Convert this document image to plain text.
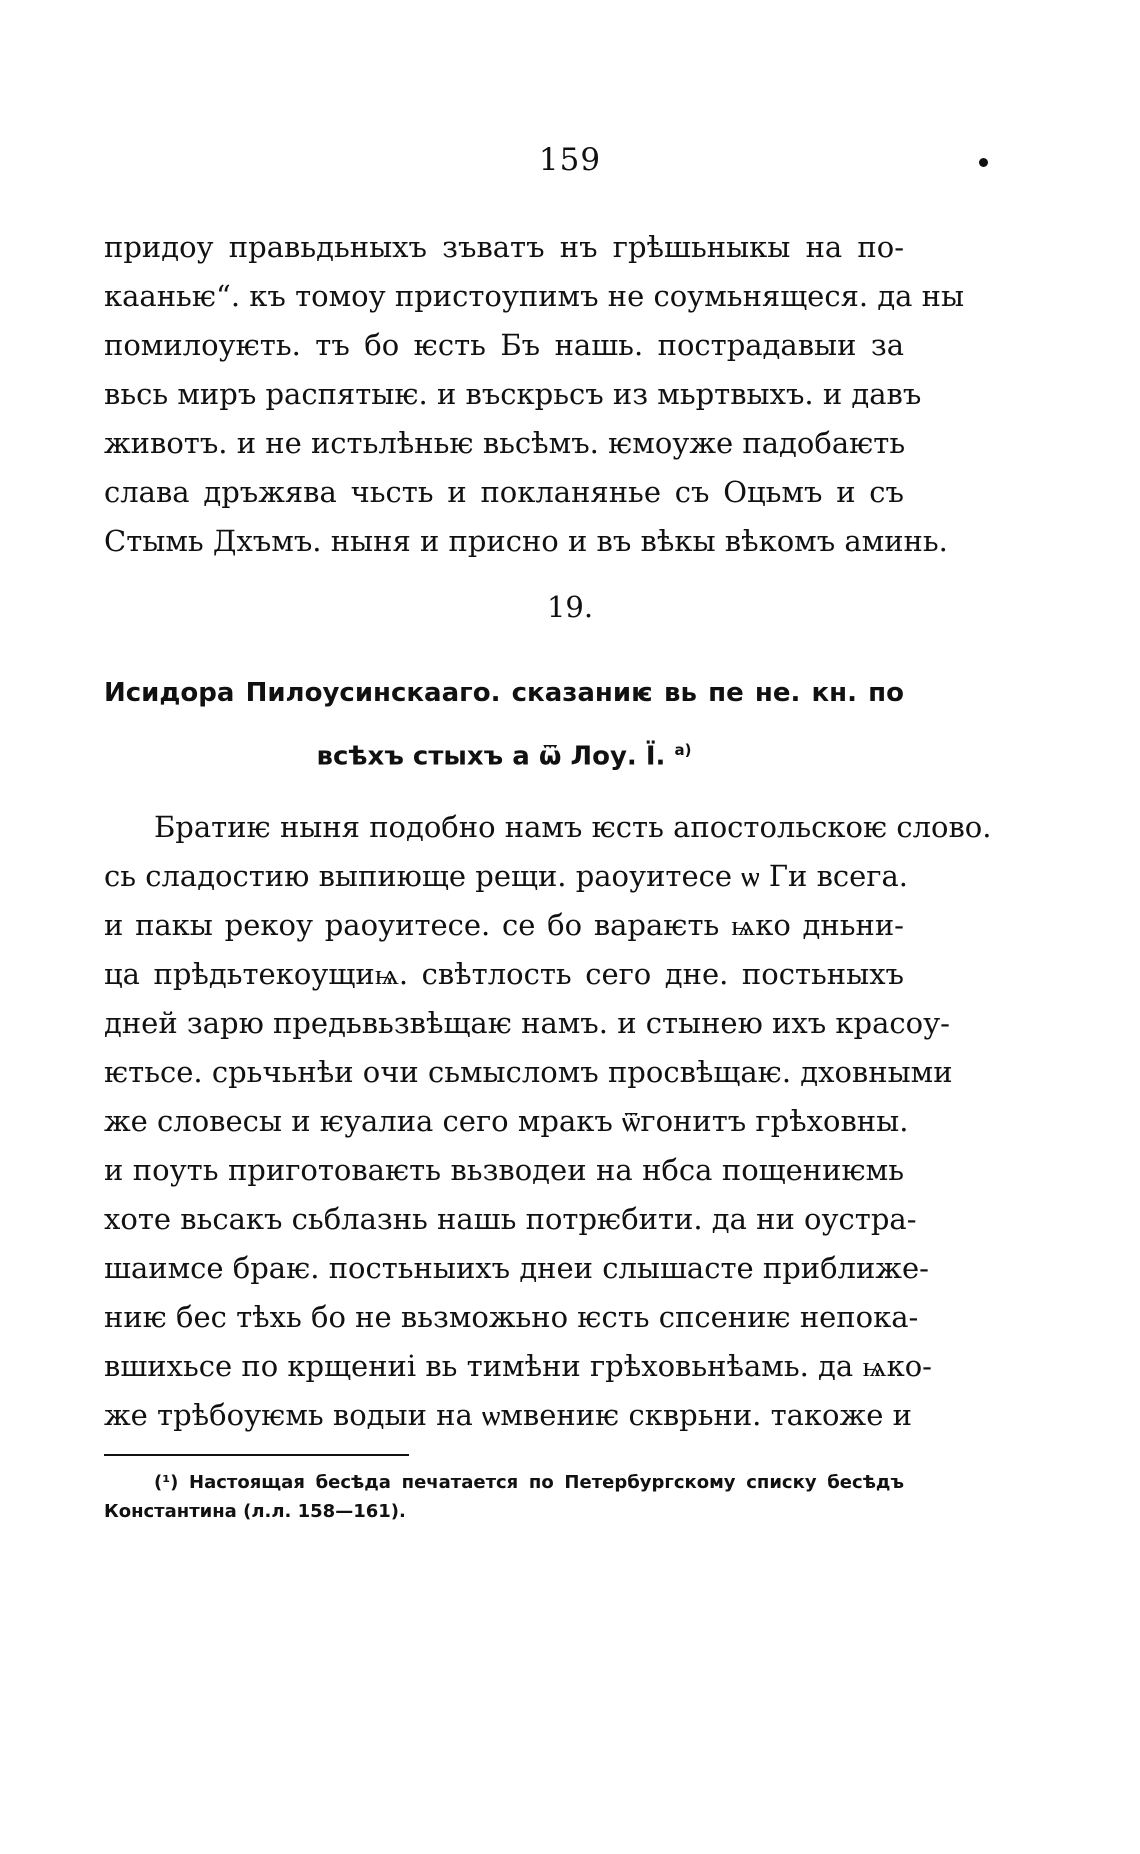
159
придоу правьдьныхъ зъватъ нъ грѣшьныкы на по-
кааньѥ“. къ томоу пристоупимъ не соумьнящеся. да ны
помилоуѥть. тъ бо ѥсть Бъ нашь. пострадавыи за
вьсь миръ распятыѥ. и въскрьсъ из мьртвыхъ. и давъ
животъ. и не истьлѣньѥ вьсѣмъ. ѥмоуже падобаѥть
слава дръжява чьсть и покланяньe съ Оцьмъ и съ
Стымь Дхъмъ. ныня и присно и въ вѣкы вѣкомъ аминь.
19.
Исидора Пилоусинскааго. сказаниѥ вь пе не. кн. по
всѣхъ стыхъ а ѿ Лоу. Ї. $^{а)}$
Братиѥ ныня подобно намъ ѥсть апостольскоѥ слово.
сь сладостию выпиюще рещи. раоуитесе ѡ Ги всега.
и пакы рекоу раоуитесе. се бо вараѥть ѩко дньни-
ца прѣдьтекоущиѩ. свѣтлость сего дне. постьныхъ
дней зарю предьвьзвѣщаѥ намъ. и стынею ихъ красоу-
ѥтьсе. срьчьнѣи очи сьмысломъ просвѣщаѥ. дховными
же словесы и ѥуалиа сего мракъ ѿгонитъ грѣховны.
и поуть приготоваѥть вьзводеи на нбса пощениѥмь
хоте вьсакъ сьблазнь нашь потрѥбити. да ни оустра-
шаимсе браѥ. постьныихъ днеи слышасте приближе-
ниѥ бес тѣхь бо не вьзможьно ѥсть спсениѥ непока-
вшихьсе по крщениі вь тимѣни грѣховьнѣамь. да ѩко-
же трѣбоуѥмь водыи на ѡмвениѥ скврьни. такоже и
(¹) Настоящая бесѣда печатается по Петербургскому списку бесѣдъ
Константина (л.л. 158—161).
